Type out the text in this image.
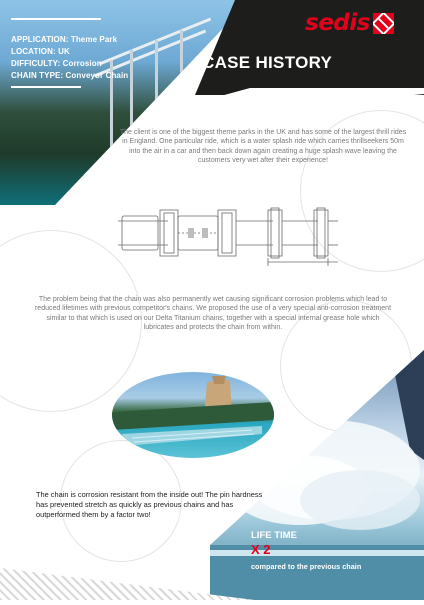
APPLICATION: Theme Park
LOCATION: UK
DIFFICULTY: Corrosion
CHAIN TYPE: Conveyor Chain
sedis
CASE HISTORY
The client is one of the biggest theme parks in the UK and has some of the largest thrill rides in England. One particular ride, which is a water splash ride which carries thrillseekers 50m into the air in a car and then back down again creating a huge splash wave leaving the customers very wet after their experience!
The problem being that the chain was also permanently wet causing significant corrosion problems which lead to reduced lifetimes with previous competitor's chains. We proposed the use of a very special anti-corrosion treatment similar to that which is used on our Delta Titanium chains, together with a special internal grease hole which lubricates and protects the chain from within.
The chain is corrosion resistant from the inside out! The pin hardness has prevented stretch as quickly as previous chains and has outperformed them by a factor two!
LIFE TIME
X 2
compared to the previous chain
